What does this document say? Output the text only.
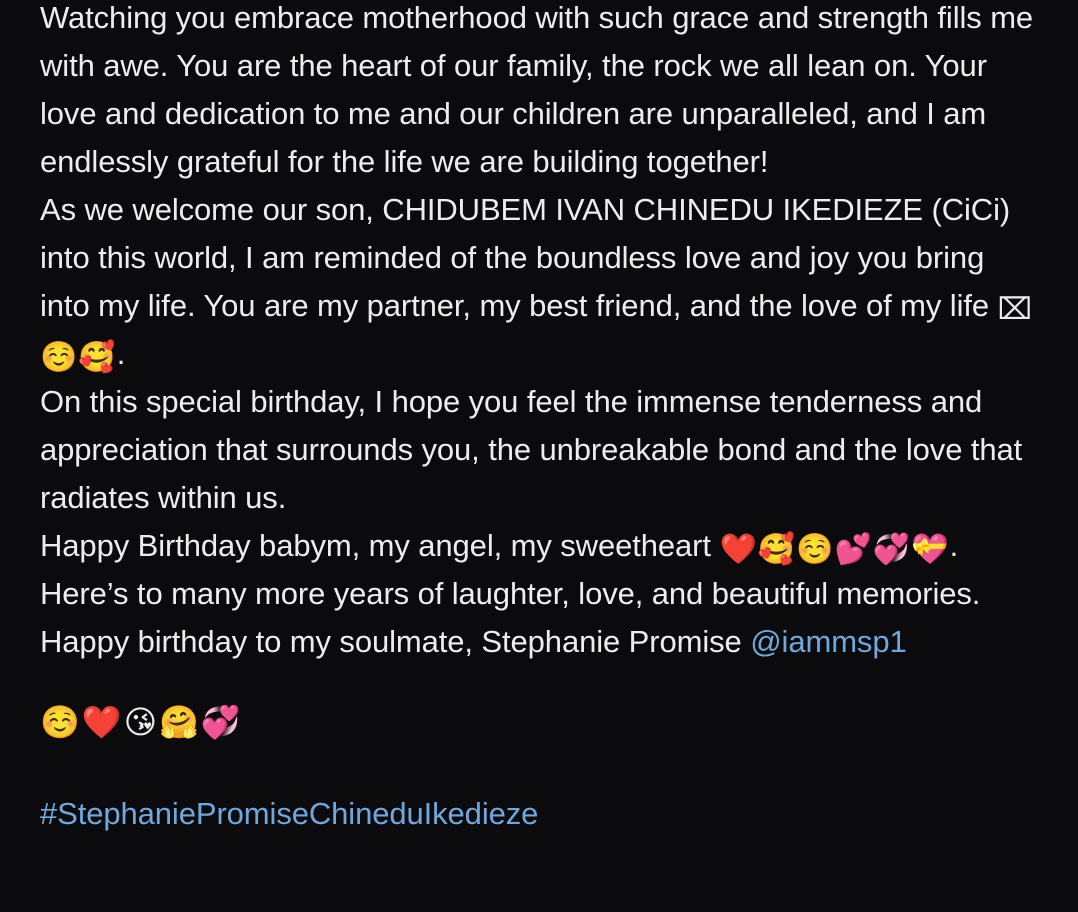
Watching you embrace motherhood with such grace and strength fills me with awe. You are the heart of our family, the rock we all lean on. Your love and dedication to me and our children are unparalleled, and I am endlessly grateful for the life we are building together!

As we welcome our son, CHIDUBEM IVAN CHINEDU IKEDIEZE (CiCi) into this world, I am reminded of the boundless love and joy you bring into my life. You are my partner, my best friend, and the love of my life ⌧☺️🥰.

On this special birthday, I hope you feel the immense tenderness and appreciation that surrounds you, the unbreakable bond and the love that radiates within us.

Happy Birthday babym, my angel, my sweetheart ❤️🥰☺️💕💞💝. Here’s to many more years of laughter, love, and beautiful memories.

Happy birthday to my soulmate, Stephanie Promise @iammsp1

☺️❤️😘🤗💞

#StephaniePromiseChineduIkedieze
